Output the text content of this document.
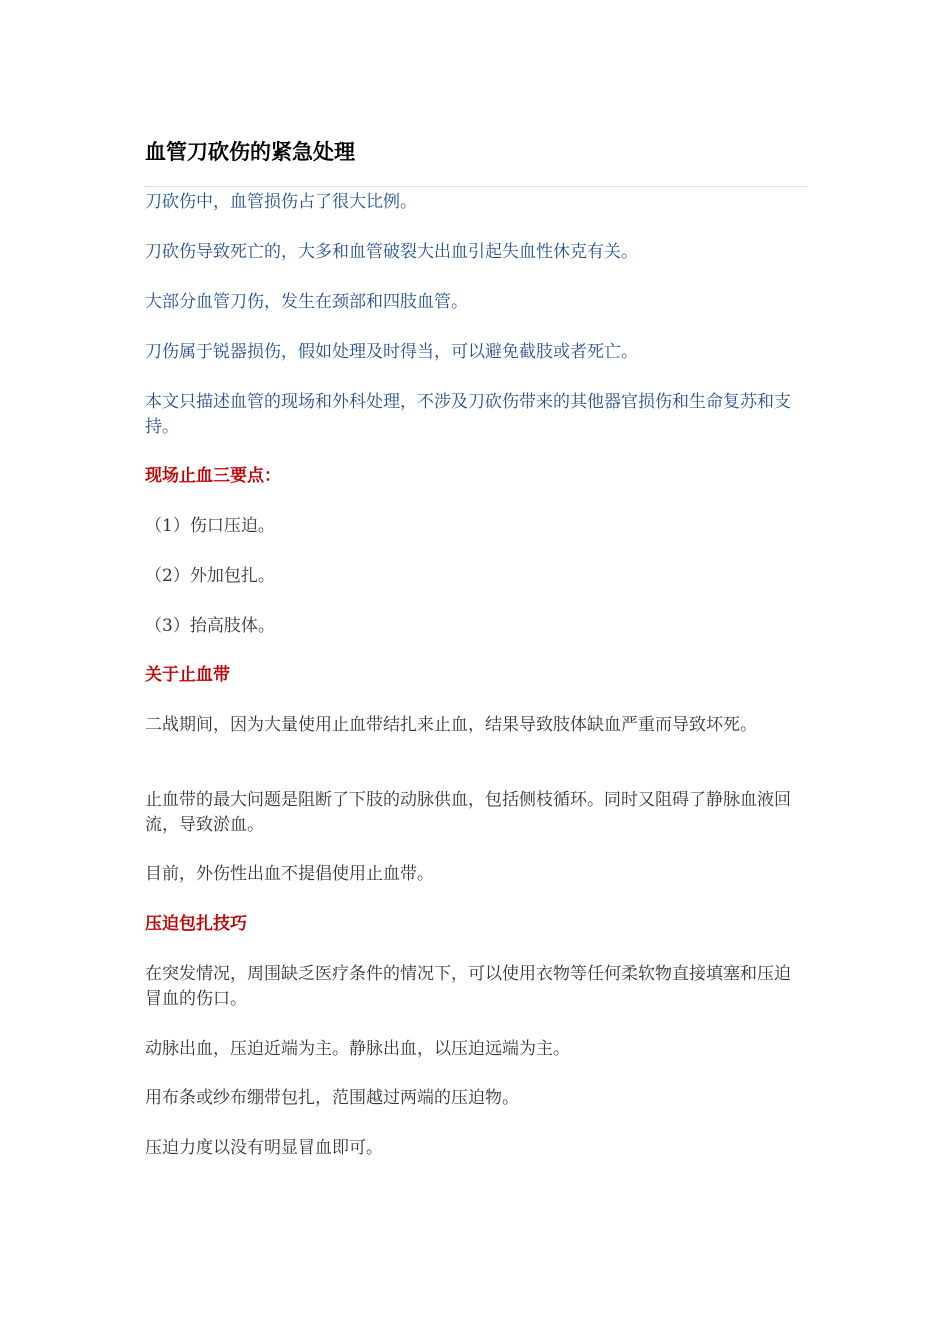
血管刀砍伤的紧急处理

刀砍伤中，血管损伤占了很大比例。

刀砍伤导致死亡的，大多和血管破裂大出血引起失血性休克有关。

大部分血管刀伤，发生在颈部和四肢血管。

刀伤属于锐器损伤，假如处理及时得当，可以避免截肢或者死亡。

本文只描述血管的现场和外科处理，不涉及刀砍伤带来的其他器官损伤和生命复苏和支持。

现场止血三要点：

（1）伤口压迫。

（2）外加包扎。

（3）抬高肢体。

关于止血带

二战期间，因为大量使用止血带结扎来止血，结果导致肢体缺血严重而导致坏死。

止血带的最大问题是阻断了下肢的动脉供血，包括侧枝循环。同时又阻碍了静脉血液回流，导致淤血。

目前，外伤性出血不提倡使用止血带。

压迫包扎技巧

在突发情况，周围缺乏医疗条件的情况下，可以使用衣物等任何柔软物直接填塞和压迫冒血的伤口。

动脉出血，压迫近端为主。静脉出血，以压迫远端为主。

用布条或纱布绷带包扎，范围越过两端的压迫物。

压迫力度以没有明显冒血即可。
